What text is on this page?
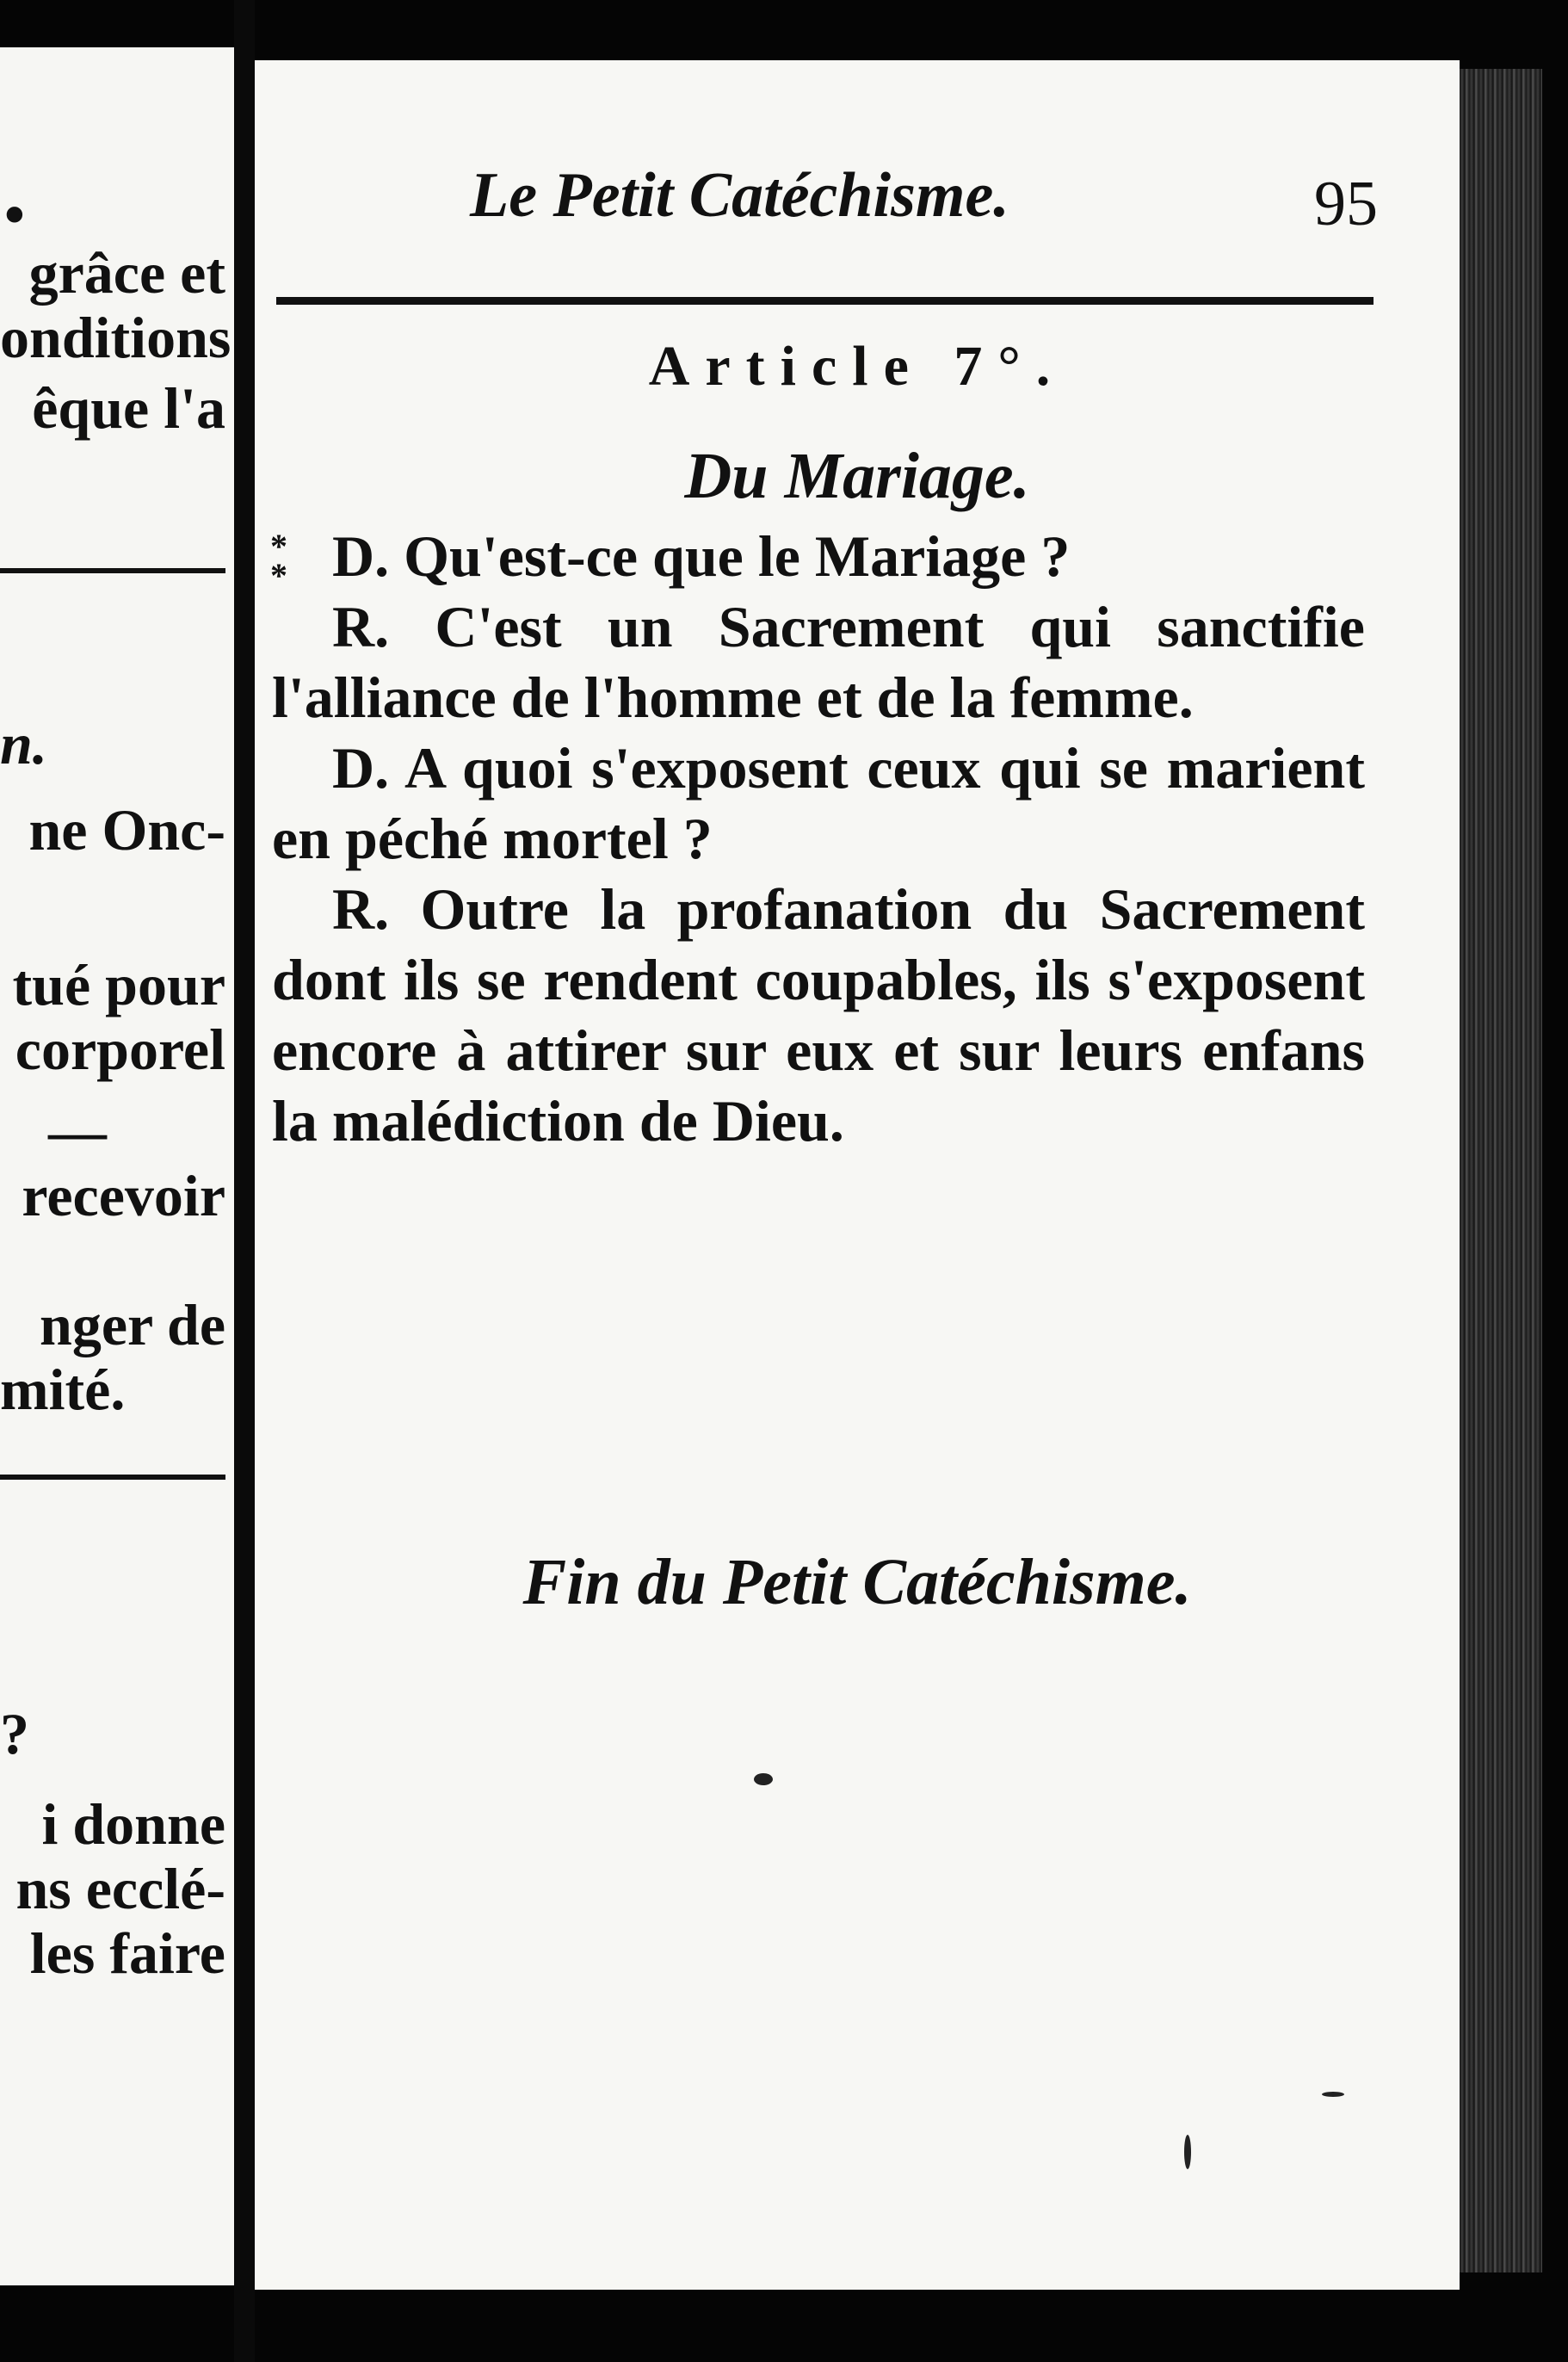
•
grâce et
onditions
êque l'a
n.
ne Onc-
tué pour
corporel
—
recevoir
nger de
mité.
?
i donne
ns ecclé-
les faire
Le Petit Catéchisme.	95
Article 7°.
Du Mariage.
*
* D. Qu'est-ce que le Mariage ?

R. C'est un Sacrement qui sanctifie l'alliance de l'homme et de la femme.

D. A quoi s'exposent ceux qui se marient en péché mortel ?

R. Outre la profanation du Sacrement dont ils se rendent coupables, ils s'exposent encore à attirer sur eux et sur leurs enfans la malédiction de Dieu.

Fin du Petit Catéchisme.
